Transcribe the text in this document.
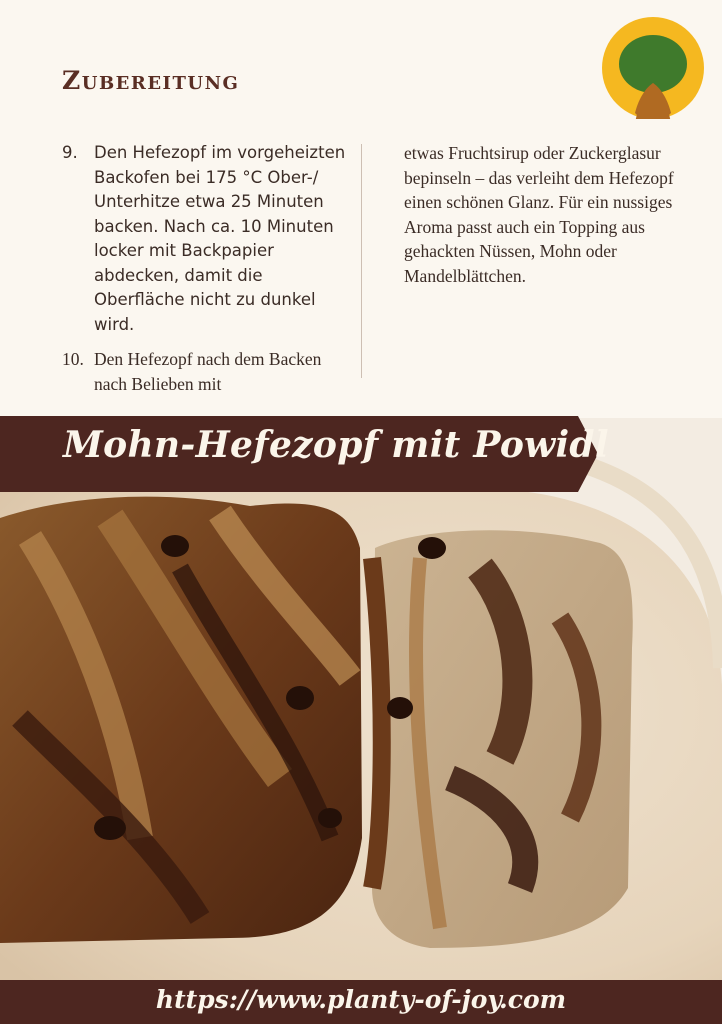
Zubereitung
9. Den Hefezopf im vorgeheizten Backofen bei 175 °C Ober-/ Unterhitze etwa 25 Minuten backen. Nach ca. 10 Minuten locker mit Backpapier abdecken, damit die Oberfläche nicht zu dunkel wird.
10. Den Hefezopf nach dem Backen nach Belieben mit

etwas Fruchtsirup oder Zuckerglasur bepinseln – das verleiht dem Hefezopf einen schönen Glanz. Für ein nussiges Aroma passt auch ein Topping aus gehackten Nüssen, Mohn oder Mandelblättchen.

Mohn-Hefezopf mit Powidl
https://www.planty-of-joy.com
